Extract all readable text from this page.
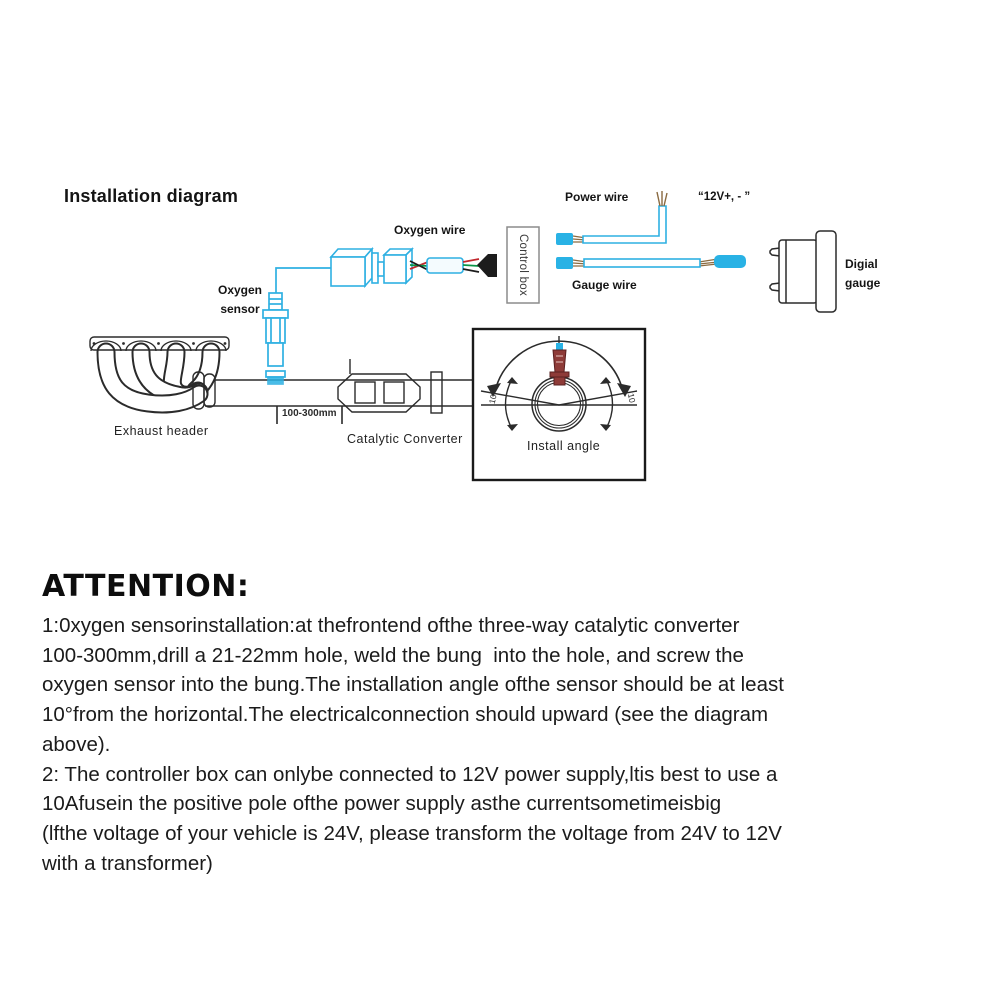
Installation diagram
Oxygen wire
Oxygen
sensor
Control box
Power wire	“12V+, - ”
Gauge wire
Digial
gauge
Exhaust header
100-300mm
Catalytic Converter	Install angle
10	10
ATTENTION:
1:0xygen sensorinstallation:at thefrontend ofthe three-way catalytic converter
100-300mm,drill a 21-22mm hole, weld the bung  into the hole, and screw the
oxygen sensor into the bung.The installation angle ofthe sensor should be at least
10°from the horizontal.The electricalconnection should upward (see the diagram
above).
2: The controller box can onlybe connected to 12V power supply,ltis best to use a
10Afusein the positive pole ofthe power supply asthe currentsometimeisbig
(lfthe voltage of your vehicle is 24V, please transform the voltage from 24V to 12V
with a transformer)
